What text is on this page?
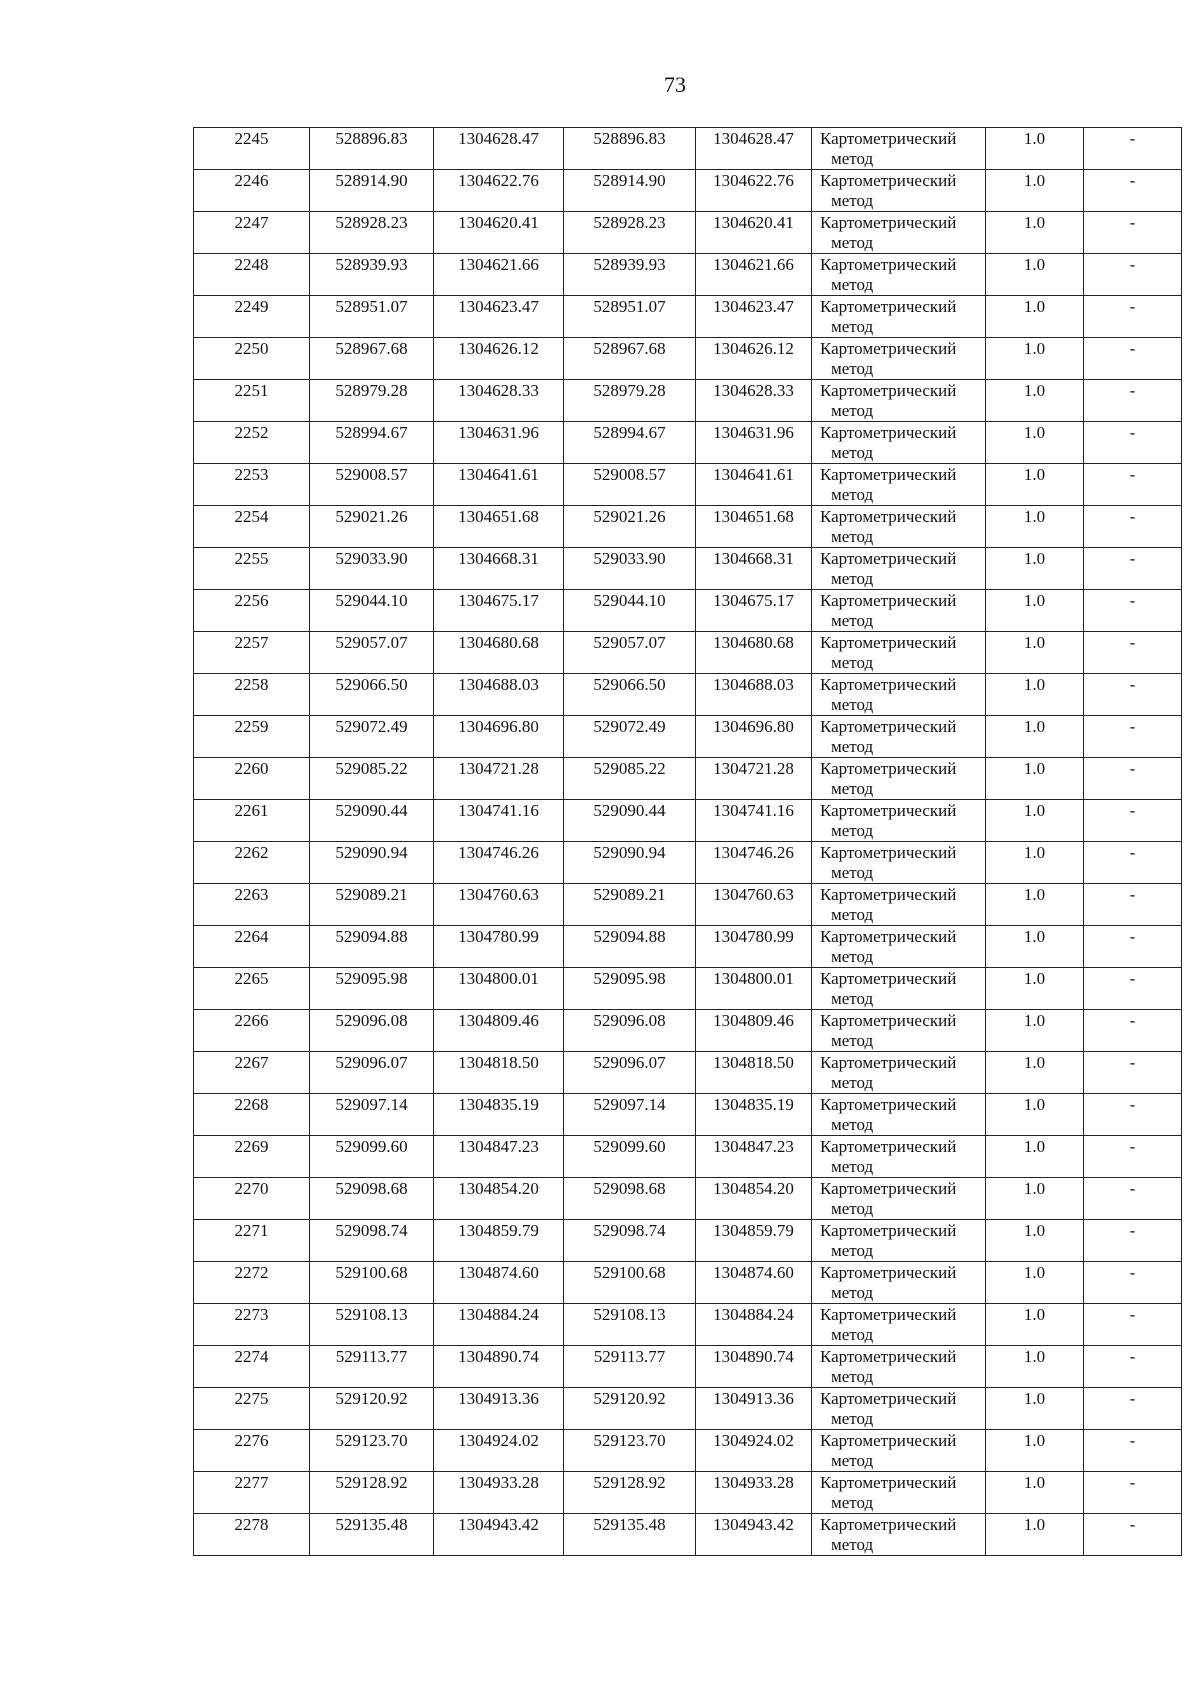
73
2245	528896.83	1304628.47	528896.83	1304628.47	Картометрический
метод	1.0	-
2246	528914.90	1304622.76	528914.90	1304622.76	Картометрический
метод	1.0	-
2247	528928.23	1304620.41	528928.23	1304620.41	Картометрический
метод	1.0	-
2248	528939.93	1304621.66	528939.93	1304621.66	Картометрический
метод	1.0	-
2249	528951.07	1304623.47	528951.07	1304623.47	Картометрический
метод	1.0	-
2250	528967.68	1304626.12	528967.68	1304626.12	Картометрический
метод	1.0	-
2251	528979.28	1304628.33	528979.28	1304628.33	Картометрический
метод	1.0	-
2252	528994.67	1304631.96	528994.67	1304631.96	Картометрический
метод	1.0	-
2253	529008.57	1304641.61	529008.57	1304641.61	Картометрический
метод	1.0	-
2254	529021.26	1304651.68	529021.26	1304651.68	Картометрический
метод	1.0	-
2255	529033.90	1304668.31	529033.90	1304668.31	Картометрический
метод	1.0	-
2256	529044.10	1304675.17	529044.10	1304675.17	Картометрический
метод	1.0	-
2257	529057.07	1304680.68	529057.07	1304680.68	Картометрический
метод	1.0	-
2258	529066.50	1304688.03	529066.50	1304688.03	Картометрический
метод	1.0	-
2259	529072.49	1304696.80	529072.49	1304696.80	Картометрический
метод	1.0	-
2260	529085.22	1304721.28	529085.22	1304721.28	Картометрический
метод	1.0	-
2261	529090.44	1304741.16	529090.44	1304741.16	Картометрический
метод	1.0	-
2262	529090.94	1304746.26	529090.94	1304746.26	Картометрический
метод	1.0	-
2263	529089.21	1304760.63	529089.21	1304760.63	Картометрический
метод	1.0	-
2264	529094.88	1304780.99	529094.88	1304780.99	Картометрический
метод	1.0	-
2265	529095.98	1304800.01	529095.98	1304800.01	Картометрический
метод	1.0	-
2266	529096.08	1304809.46	529096.08	1304809.46	Картометрический
метод	1.0	-
2267	529096.07	1304818.50	529096.07	1304818.50	Картометрический
метод	1.0	-
2268	529097.14	1304835.19	529097.14	1304835.19	Картометрический
метод	1.0	-
2269	529099.60	1304847.23	529099.60	1304847.23	Картометрический
метод	1.0	-
2270	529098.68	1304854.20	529098.68	1304854.20	Картометрический
метод	1.0	-
2271	529098.74	1304859.79	529098.74	1304859.79	Картометрический
метод	1.0	-
2272	529100.68	1304874.60	529100.68	1304874.60	Картометрический
метод	1.0	-
2273	529108.13	1304884.24	529108.13	1304884.24	Картометрический
метод	1.0	-
2274	529113.77	1304890.74	529113.77	1304890.74	Картометрический
метод	1.0	-
2275	529120.92	1304913.36	529120.92	1304913.36	Картометрический
метод	1.0	-
2276	529123.70	1304924.02	529123.70	1304924.02	Картометрический
метод	1.0	-
2277	529128.92	1304933.28	529128.92	1304933.28	Картометрический
метод	1.0	-
2278	529135.48	1304943.42	529135.48	1304943.42	Картометрический
метод	1.0	-
